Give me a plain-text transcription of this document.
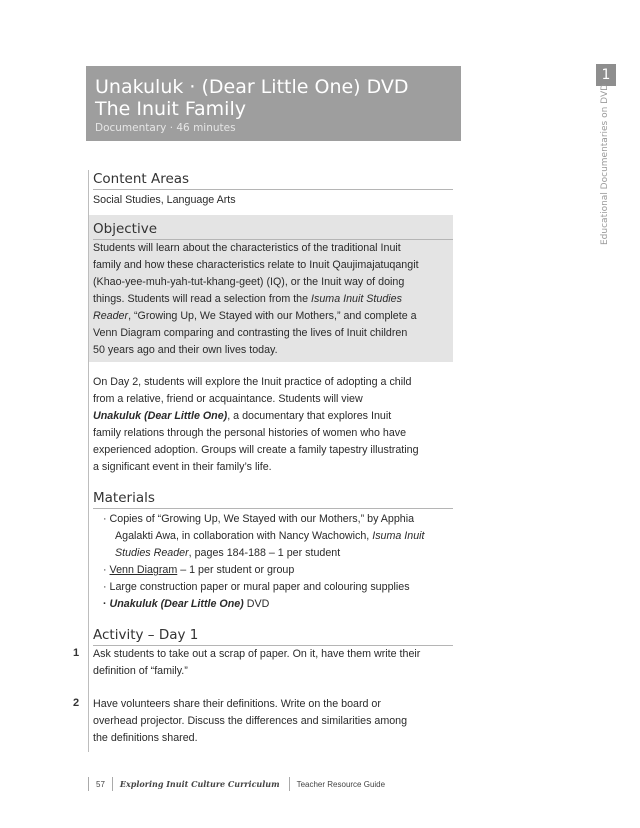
Unakuluk · (Dear Little One) DVD
The Inuit Family
Documentary · 46 minutes
1
Educational Documentaries on DVD
Content Areas
Social Studies, Language Arts
Objective
Students will learn about the characteristics of the traditional Inuit
family and how these characteristics relate to Inuit Qaujimajatuqangit
(Khao-yee-muh-yah-tut-khang-geet) (IQ), or the Inuit way of doing
things. Students will read a selection from the Isuma Inuit Studies
Reader, “Growing Up, We Stayed with our Mothers,” and complete a
Venn Diagram comparing and contrasting the lives of Inuit children
50 years ago and their own lives today.
On Day 2, students will explore the Inuit practice of adopting a child
from a relative, friend or acquaintance. Students will view
Unakuluk (Dear Little One), a documentary that explores Inuit
family relations through the personal histories of women who have
experienced adoption. Groups will create a family tapestry illustrating
a significant event in their family’s life.
Materials
· Copies of “Growing Up, We Stayed with our Mothers,” by Apphia
Agalakti Awa, in collaboration with Nancy Wachowich, Isuma Inuit
Studies Reader, pages 184-188 – 1 per student
· Venn Diagram – 1 per student or group
· Large construction paper or mural paper and colouring supplies
· Unakuluk (Dear Little One) DVD
Activity – Day 1
1 Ask students to take out a scrap of paper. On it, have them write their
definition of “family.”
2 Have volunteers share their definitions. Write on the board or
overhead projector. Discuss the differences and similarities among
the definitions shared.
57 Exploring Inuit Culture Curriculum Teacher Resource Guide
